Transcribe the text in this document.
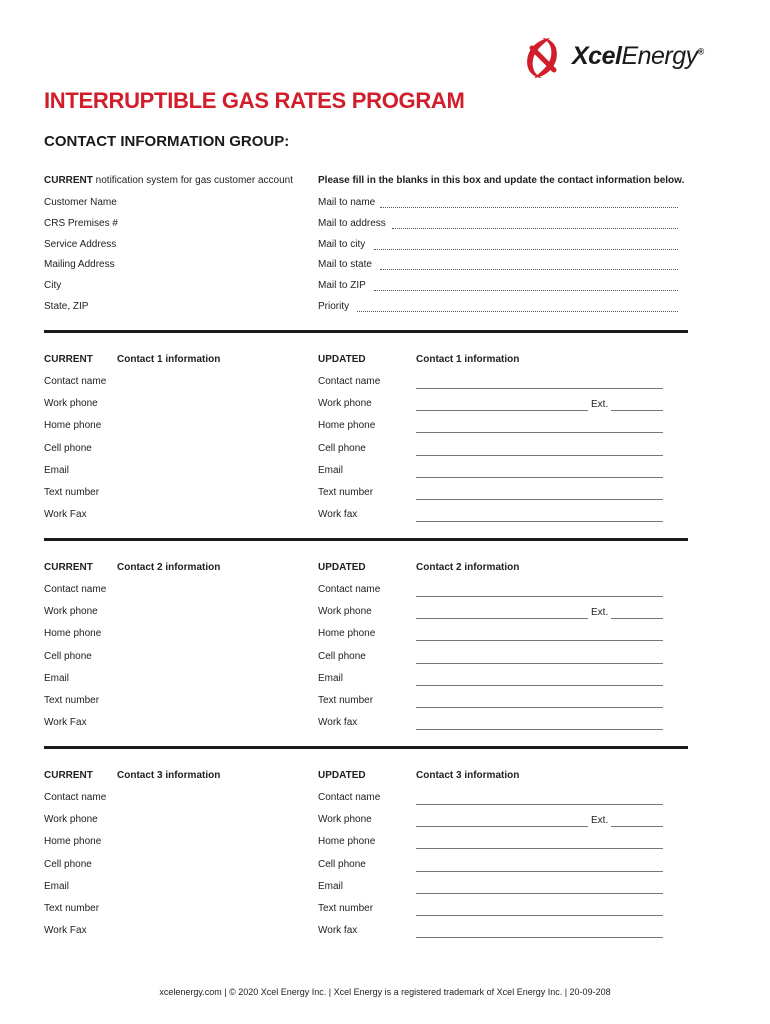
XcelEnergy®
INTERRUPTIBLE GAS RATES PROGRAM
CONTACT INFORMATION GROUP:
CURRENT notification system for gas customer account	Please fill in the blanks in this box and update the contact information below.
Customer Name	Mail to name
CRS Premises #	Mail to address
Service Address	Mail to city
Mailing Address	Mail to state
City	Mail to ZIP
State, ZIP	Priority
CURRENT Contact 1 information	UPDATED	Contact 1 information
Contact name	Contact name
Work phone	Work phone	Ext.
Home phone	Home phone
Cell phone	Cell phone
Email	Email
Text number	Text number
Work Fax	Work fax
CURRENT Contact 2 information	UPDATED	Contact 2 information
Contact name	Contact name
Work phone	Work phone	Ext.
Home phone	Home phone
Cell phone	Cell phone
Email	Email
Text number	Text number
Work Fax	Work fax
CURRENT Contact 3 information	UPDATED	Contact 3 information
Contact name	Contact name
Work phone	Work phone	Ext.
Home phone	Home phone
Cell phone	Cell phone
Email	Email
Text number	Text number
Work Fax	Work fax
xcelenergy.com | © 2020 Xcel Energy Inc. | Xcel Energy is a registered trademark of Xcel Energy Inc. | 20-09-208
